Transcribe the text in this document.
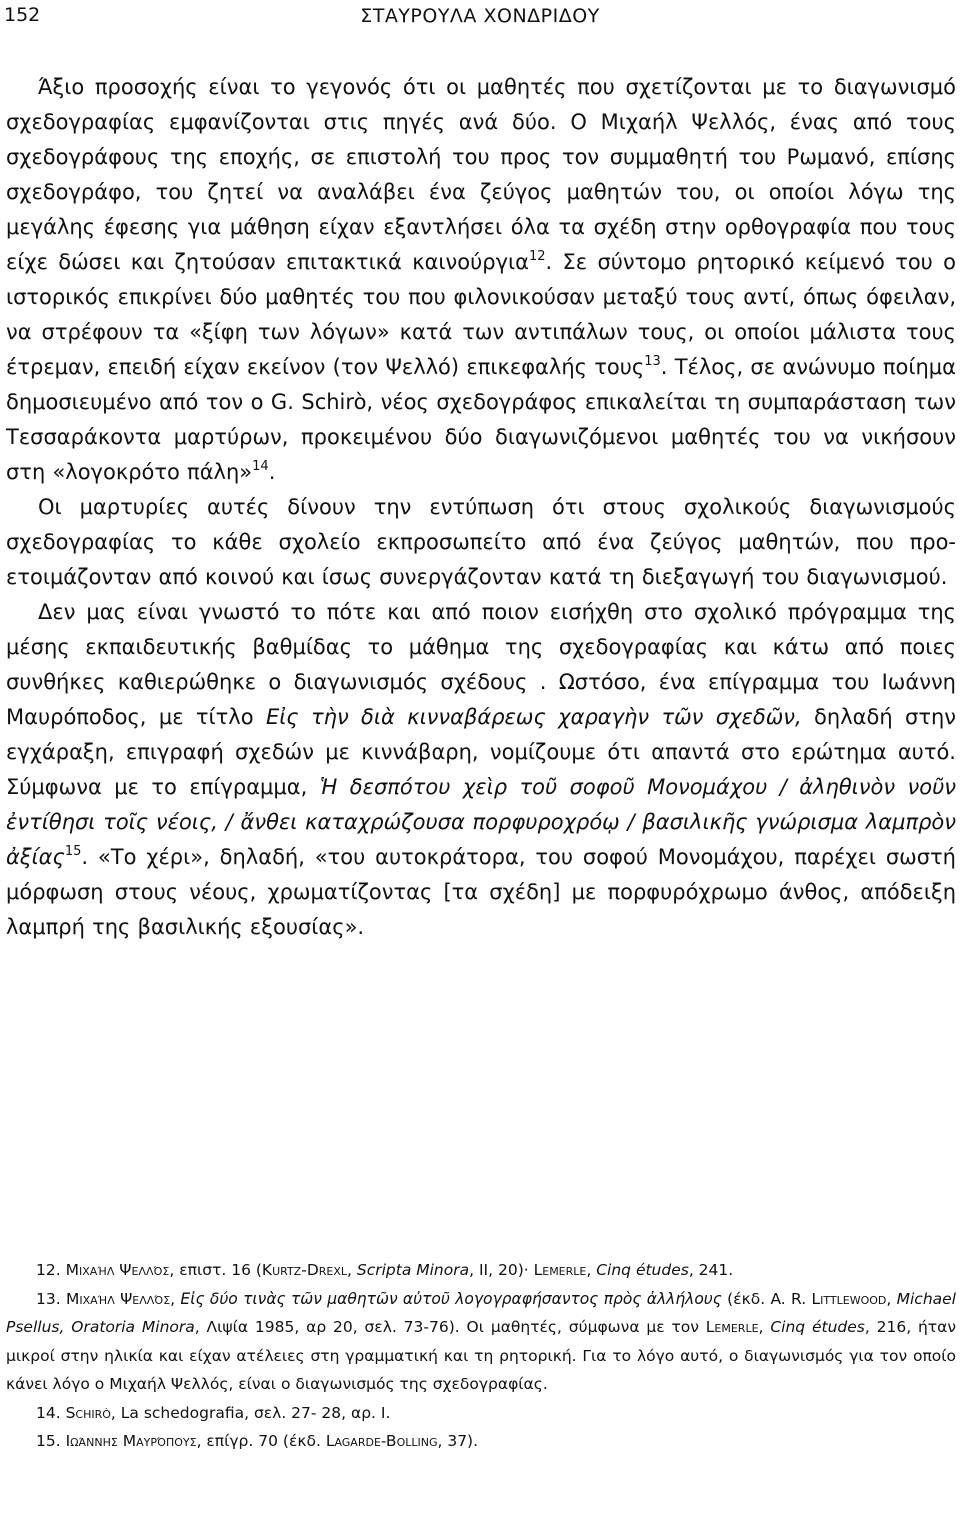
152	ΣΤΑΥΡΟΥΛΑ ΧΟΝΔΡΙΔΟΥ

Άξιο προσοχής είναι το γεγονός ότι οι μαθητές που σχετίζονται με το διαγωνισμό σχεδογραφίας εμφανίζονται στις πηγές ανά δύο. Ο Μιχαήλ Ψελλός, ένας από τους σχεδογράφους της εποχής, σε επιστολή του προς τον συμμαθητή του Ρωμανό, επίσης σχεδογράφο, του ζητεί να αναλάβει ένα ζεύγος μαθητών του, οι οποίοι λόγω της μεγάλης έφεσης για μάθηση είχαν εξαντλήσει όλα τα σχέδη στην ορθογραφία που τους είχε δώσει και ζητούσαν επιτακτικά καινούργια$^{12}$. Σε σύντομο ρητορικό κείμενό του ο ιστορικός επικρίνει δύο μαθητές του που φιλονικούσαν μεταξύ τους αντί, όπως όφειλαν, να στρέφουν τα «ξίφη των λόγων» κατά των αντιπάλων τους, οι οποίοι μάλιστα τους έτρεμαν, επειδή είχαν εκείνον (τον Ψελλό) επικεφαλής τους$^{13}$. Τέλος, σε ανώνυμο ποίημα δημοσιευμένο από τον ο G. Schirò, νέος σχεδογράφος επικαλείται τη συμπαράσταση των Τεσσαράκοντα μαρτύρων, προκειμένου δύο διαγωνιζόμενοι μαθητές του να νικήσουν στη «λογοκρότο πάλη»$^{14}$.

Οι μαρτυρίες αυτές δίνουν την εντύπωση ότι στους σχολικούς διαγωνισμούς σχεδογραφίας το κάθε σχολείο εκπροσωπείτο από ένα ζεύγος μαθητών, που προετοιμάζονταν από κοινού και ίσως συνεργάζονταν κατά τη διεξαγωγή του διαγωνισμού.

Δεν μας είναι γνωστό το πότε και από ποιον εισήχθη στο σχολικό πρόγραμμα της μέσης εκπαιδευτικής βαθμίδας το μάθημα της σχεδογραφίας και κάτω από ποιες συνθήκες καθιερώθηκε ο διαγωνισμός σχέδους . Ωστόσο, ένα επίγραμμα του Ιωάννη Μαυρόποδος, με τίτλο Εἰς τὴν διὰ κινναβάρεως χαραγὴν τῶν σχεδῶν, δηλαδή στην εγχάραξη, επιγραφή σχεδών με κιννάβαρη, νομίζουμε ότι απαντά στο ερώτημα αυτό. Σύμφωνα με το επίγραμμα, Ἡ δεσπότου χεὶρ τοῦ σοφοῦ Μονομάχου / ἀληθινὸν νοῦν ἐντίθησι τοῖς νέοις, / ἄνθει καταχρώζουσα πορφυροχρόῳ / βασιλικῆς γνώρισμα λαμπρὸν ἀξίας$^{15}$. «Το χέρι», δηλαδή, «του αυτοκράτορα, του σοφού Μονομάχου, παρέχει σωστή μόρφωση στους νέους, χρωματίζοντας [τα σχέδη] με πορφυρόχρωμο άνθος, απόδειξη λαμπρή της βασιλικής εξουσίας».

12. Μιχαήλ Ψελλός, επιστ. 16 (Kurtz-Drexl, Scripta Minora, II, 20)· Lemerle, Cinq études, 241.

13. Μιχαήλ Ψελλός, Εἰς δύο τινὰς τῶν μαθητῶν αὐτοῦ λογογραφήσαντος πρὸς ἀλλήλους (έκδ. A. R. Littlewood, Michael Psellus, Oratoria Minora, Λιψία 1985, αρ 20, σελ. 73-76). Οι μαθητές, σύμφωνα με τον Lemerle, Cinq études, 216, ήταν μικροί στην ηλικία και είχαν ατέλειες στη γραμματική και τη ρητορική. Για το λόγο αυτό, ο διαγωνισμός για τον οποίο κάνει λόγο ο Μιχαήλ Ψελλός, είναι ο διαγωνισμός της σχεδογραφίας.

14. Schirò, La schedografia, σελ. 27- 28, αρ. I.

15. Ιωάννης Μαυρόπους, επίγρ. 70 (έκδ. Lagarde-Bolling, 37).
